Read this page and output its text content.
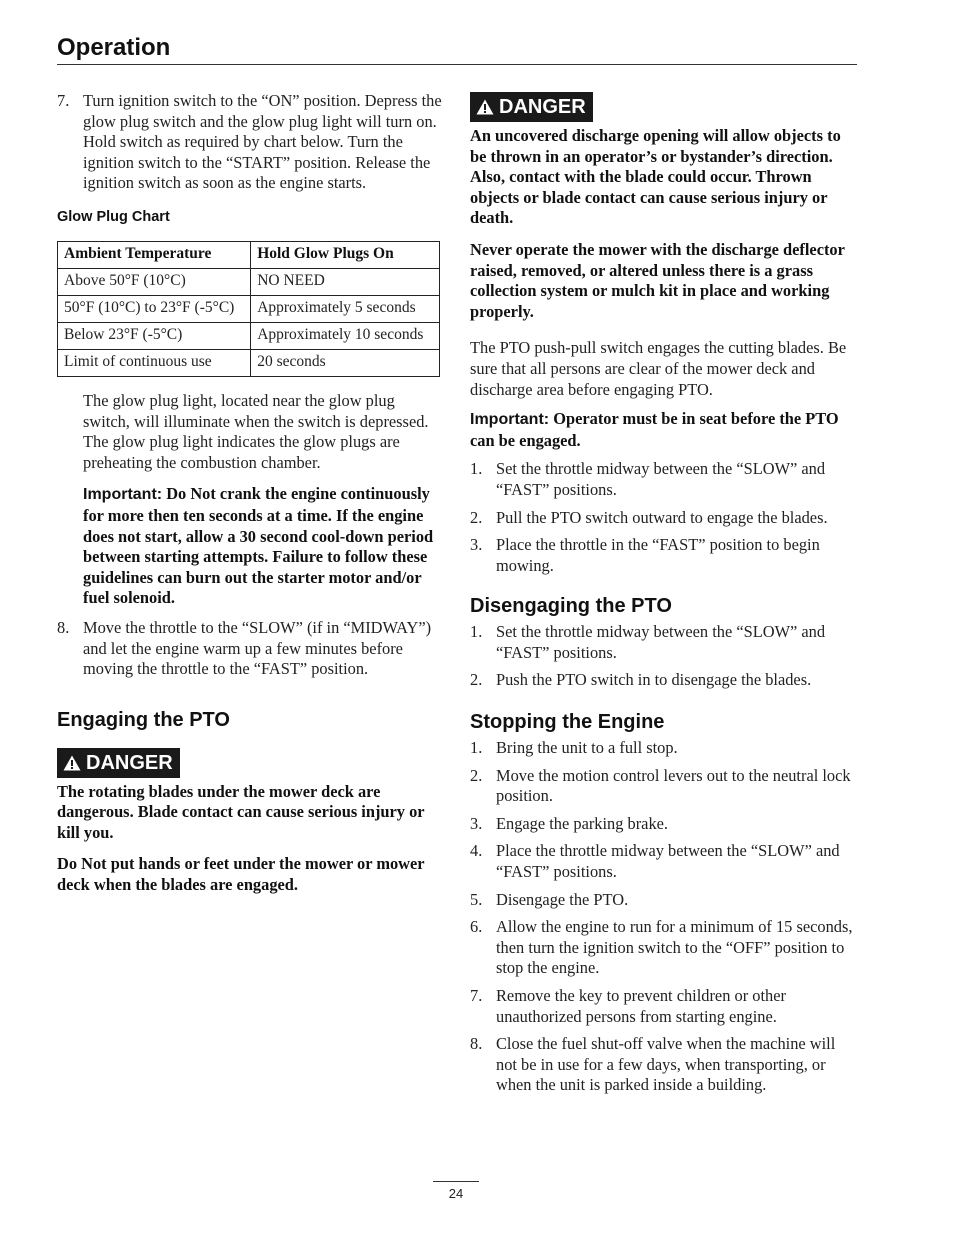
Operation
7. Turn ignition switch to the “ON” position. Depress the glow plug switch and the glow plug light will turn on. Hold switch as required by chart below. Turn the ignition switch to the “START” position. Release the ignition switch as soon as the engine starts.

Glow Plug Chart
Ambient Temperature	Hold Glow Plugs On
Above 50°F (10°C)	NO NEED
50°F (10°C) to 23°F (-5°C)	Approximately 5 seconds
Below 23°F (-5°C)	Approximately 10 seconds
Limit of continuous use	20 seconds

The glow plug light, located near the glow plug switch, will illuminate when the switch is depressed. The glow plug light indicates the glow plugs are preheating the combustion chamber.

Important: Do Not crank the engine continuously for more then ten seconds at a time. If the engine does not start, allow a 30 second cool-down period between starting attempts. Failure to follow these guidelines can burn out the starter motor and/or fuel solenoid.

8. Move the throttle to the “SLOW” (if in “MIDWAY”) and let the engine warm up a few minutes before moving the throttle to the “FAST” position.

Engaging the PTO
DANGER

The rotating blades under the mower deck are dangerous. Blade contact can cause serious injury or kill you.

Do Not put hands or feet under the mower or mower deck when the blades are engaged.

DANGER

An uncovered discharge opening will allow objects to be thrown in an operator’s or bystander’s direction. Also, contact with the blade could occur. Thrown objects or blade contact can cause serious injury or death.

Never operate the mower with the discharge deflector raised, removed, or altered unless there is a grass collection system or mulch kit in place and working properly.

The PTO push-pull switch engages the cutting blades. Be sure that all persons are clear of the mower deck and discharge area before engaging PTO.

Important: Operator must be in seat before the PTO can be engaged.

1. Set the throttle midway between the “SLOW” and “FAST” positions.

2. Pull the PTO switch outward to engage the blades.

3. Place the throttle in the “FAST” position to begin mowing.

Disengaging the PTO
1. Set the throttle midway between the “SLOW” and “FAST” positions.

2. Push the PTO switch in to disengage the blades.

Stopping the Engine
1. Bring the unit to a full stop.

2. Move the motion control levers out to the neutral lock position.

3. Engage the parking brake.

4. Place the throttle midway between the “SLOW” and “FAST” positions.

5. Disengage the PTO.

6. Allow the engine to run for a minimum of 15 seconds, then turn the ignition switch to the “OFF” position to stop the engine.

7. Remove the key to prevent children or other unauthorized persons from starting engine.

8. Close the fuel shut-off valve when the machine will not be in use for a few days, when transporting, or when the unit is parked inside a building.

24
